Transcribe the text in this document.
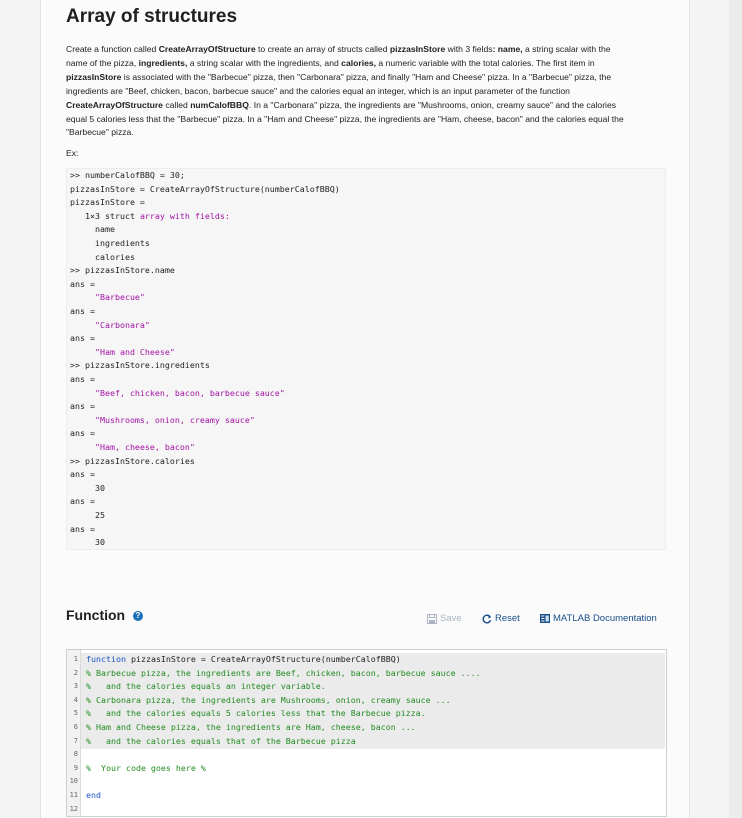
Array of structures
Create a function called CreateArrayOfStructure to create an array of structs called pizzasInStore with 3 fields: name, a string scalar with the name of the pizza, ingredients, a string scalar with the ingredients, and calories, a numeric variable with the total calories. The first item in pizzasInStore is associated with the "Barbecue" pizza, then "Carbonara" pizza, and finally "Ham and Cheese" pizza. In a "Barbecue" pizza, the ingredients are "Beef, chicken, bacon, barbecue sauce" and the calories equal an integer, which is an input parameter of the function CreateArrayOfStructure called numCalofBBQ. In a "Carbonara" pizza, the ingredients are "Mushrooms, onion, creamy sauce" and the calories equal 5 calories less that the "Barbecue" pizza. In a "Ham and Cheese" pizza, the ingredients are "Ham, cheese, bacon" and the calories equal the "Barbecue" pizza.
Ex:
>> numberCalofBBQ = 30;
pizzasInStore = CreateArrayOfStructure(numberCalofBBQ)
pizzasInStore =
1×3 struct array with fields:
name
ingredients
calories
>> pizzasInStore.name
ans =
"Barbecue"
ans =
"Carbonara"
ans =
"Ham and Cheese"
>> pizzasInStore.ingredients
ans =
"Beef, chicken, bacon, barbecue sauce"
ans =
"Mushrooms, onion, creamy sauce"
ans =
"Ham, cheese, bacon"
>> pizzasInStore.calories
ans =
30
ans =
25
ans =
30
Function	?	Save	Reset	MATLAB Documentation
1
2
3
4
5
6
7
8
9
10
11
12
function pizzasInStore = CreateArrayOfStructure(numberCalofBBQ)
% Barbecue pizza, the ingredients are Beef, chicken, bacon, barbecue sauce ....
%   and the calories equals an integer variable.
% Carbonara pizza, the ingredients are Mushrooms, onion, creamy sauce ...
%   and the calories equals 5 calories less that the Barbecue pizza.
% Ham and Cheese pizza, the ingredients are Ham, cheese, bacon ...
%   and the calories equals that of the Barbecue pizza
%  Your code goes here %
end
